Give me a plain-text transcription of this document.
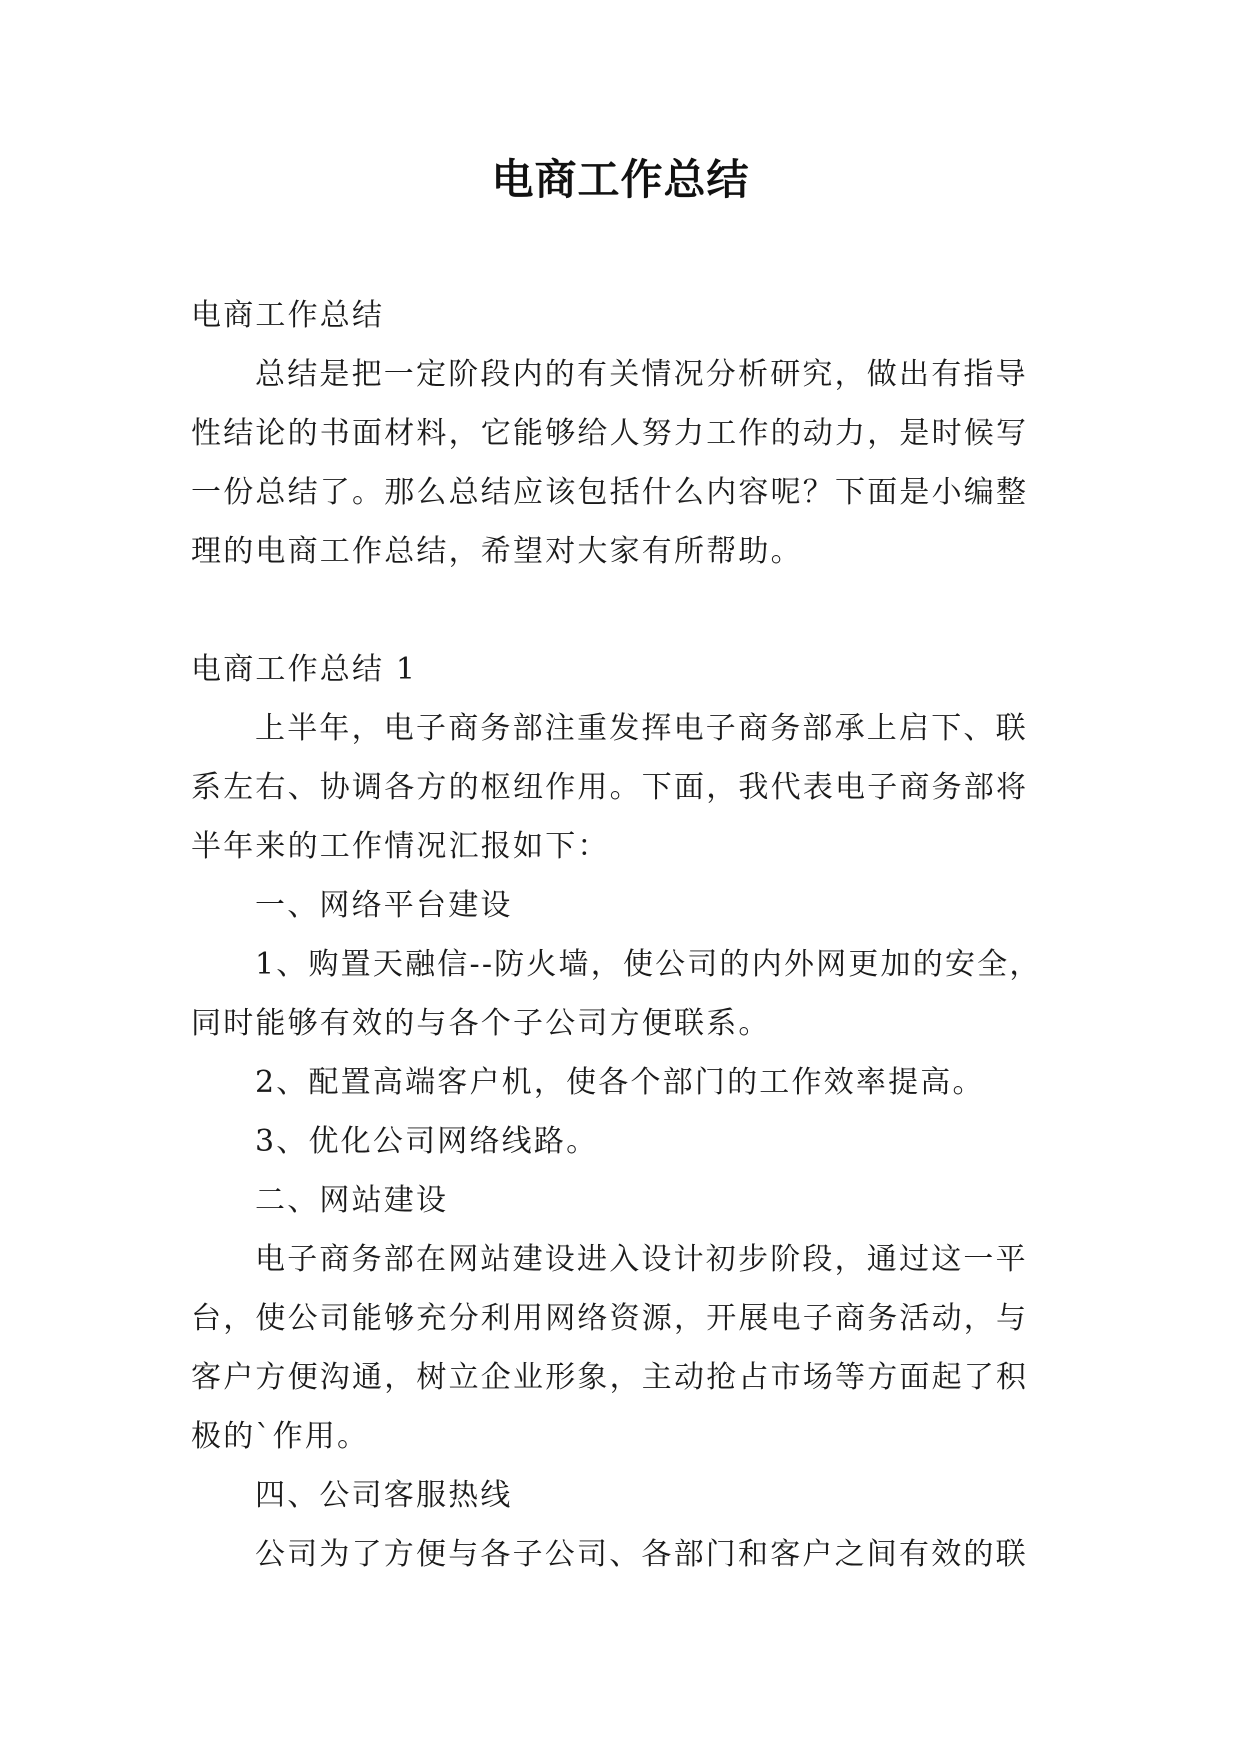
电商工作总结

电商工作总结

总结是把一定阶段内的有关情况分析研究，做出有指导

性结论的书面材料，它能够给人努力工作的动力，是时候写

一份总结了。那么总结应该包括什么内容呢？下面是小编整

理的电商工作总结，希望对大家有所帮助。

电商工作总结 1

上半年，电子商务部注重发挥电子商务部承上启下、联

系左右、协调各方的枢纽作用。下面，我代表电子商务部将

半年来的工作情况汇报如下：

一、网络平台建设

1、购置天融信--防火墙，使公司的内外网更加的安全，

同时能够有效的与各个子公司方便联系。

2、配置高端客户机，使各个部门的工作效率提高。

3、优化公司网络线路。

二、网站建设

电子商务部在网站建设进入设计初步阶段，通过这一平

台，使公司能够充分利用网络资源，开展电子商务活动，与

客户方便沟通，树立企业形象，主动抢占市场等方面起了积

极的`作用。

四、公司客服热线

公司为了方便与各子公司、各部门和客户之间有效的联
